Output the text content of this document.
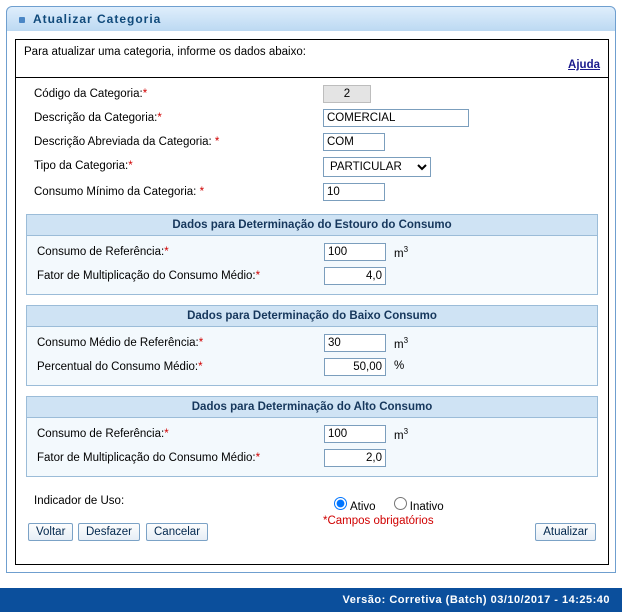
Atualizar Categoria
Para atualizar uma categoria, informe os dados abaixo:
Ajuda
Código da Categoria:*
2
Descrição da Categoria:*
COMERCIAL
Descrição Abreviada da Categoria: *
COM
Tipo da Categoria:*
PARTICULAR
Consumo Mínimo da Categoria: *
10
Dados para Determinação do Estouro do Consumo
Consumo de Referência:*
100	$m^3$
Fator de Multiplicação do Consumo Médio:*
4,0
Dados para Determinação do Baixo Consumo
Consumo Médio de Referência:*
30	$m^3$
Percentual do Consumo Médio:*
50,00	%
Dados para Determinação do Alto Consumo
Consumo de Referência:*
100	$m^3$
Fator de Multiplicação do Consumo Médio:*
2,0
Indicador de Uso:	Ativo	Inativo
*Campos obrigatórios
Voltar	Desfazer	Cancelar	Atualizar
Versão: Corretiva (Batch) 03/10/2017 - 14:25:40
